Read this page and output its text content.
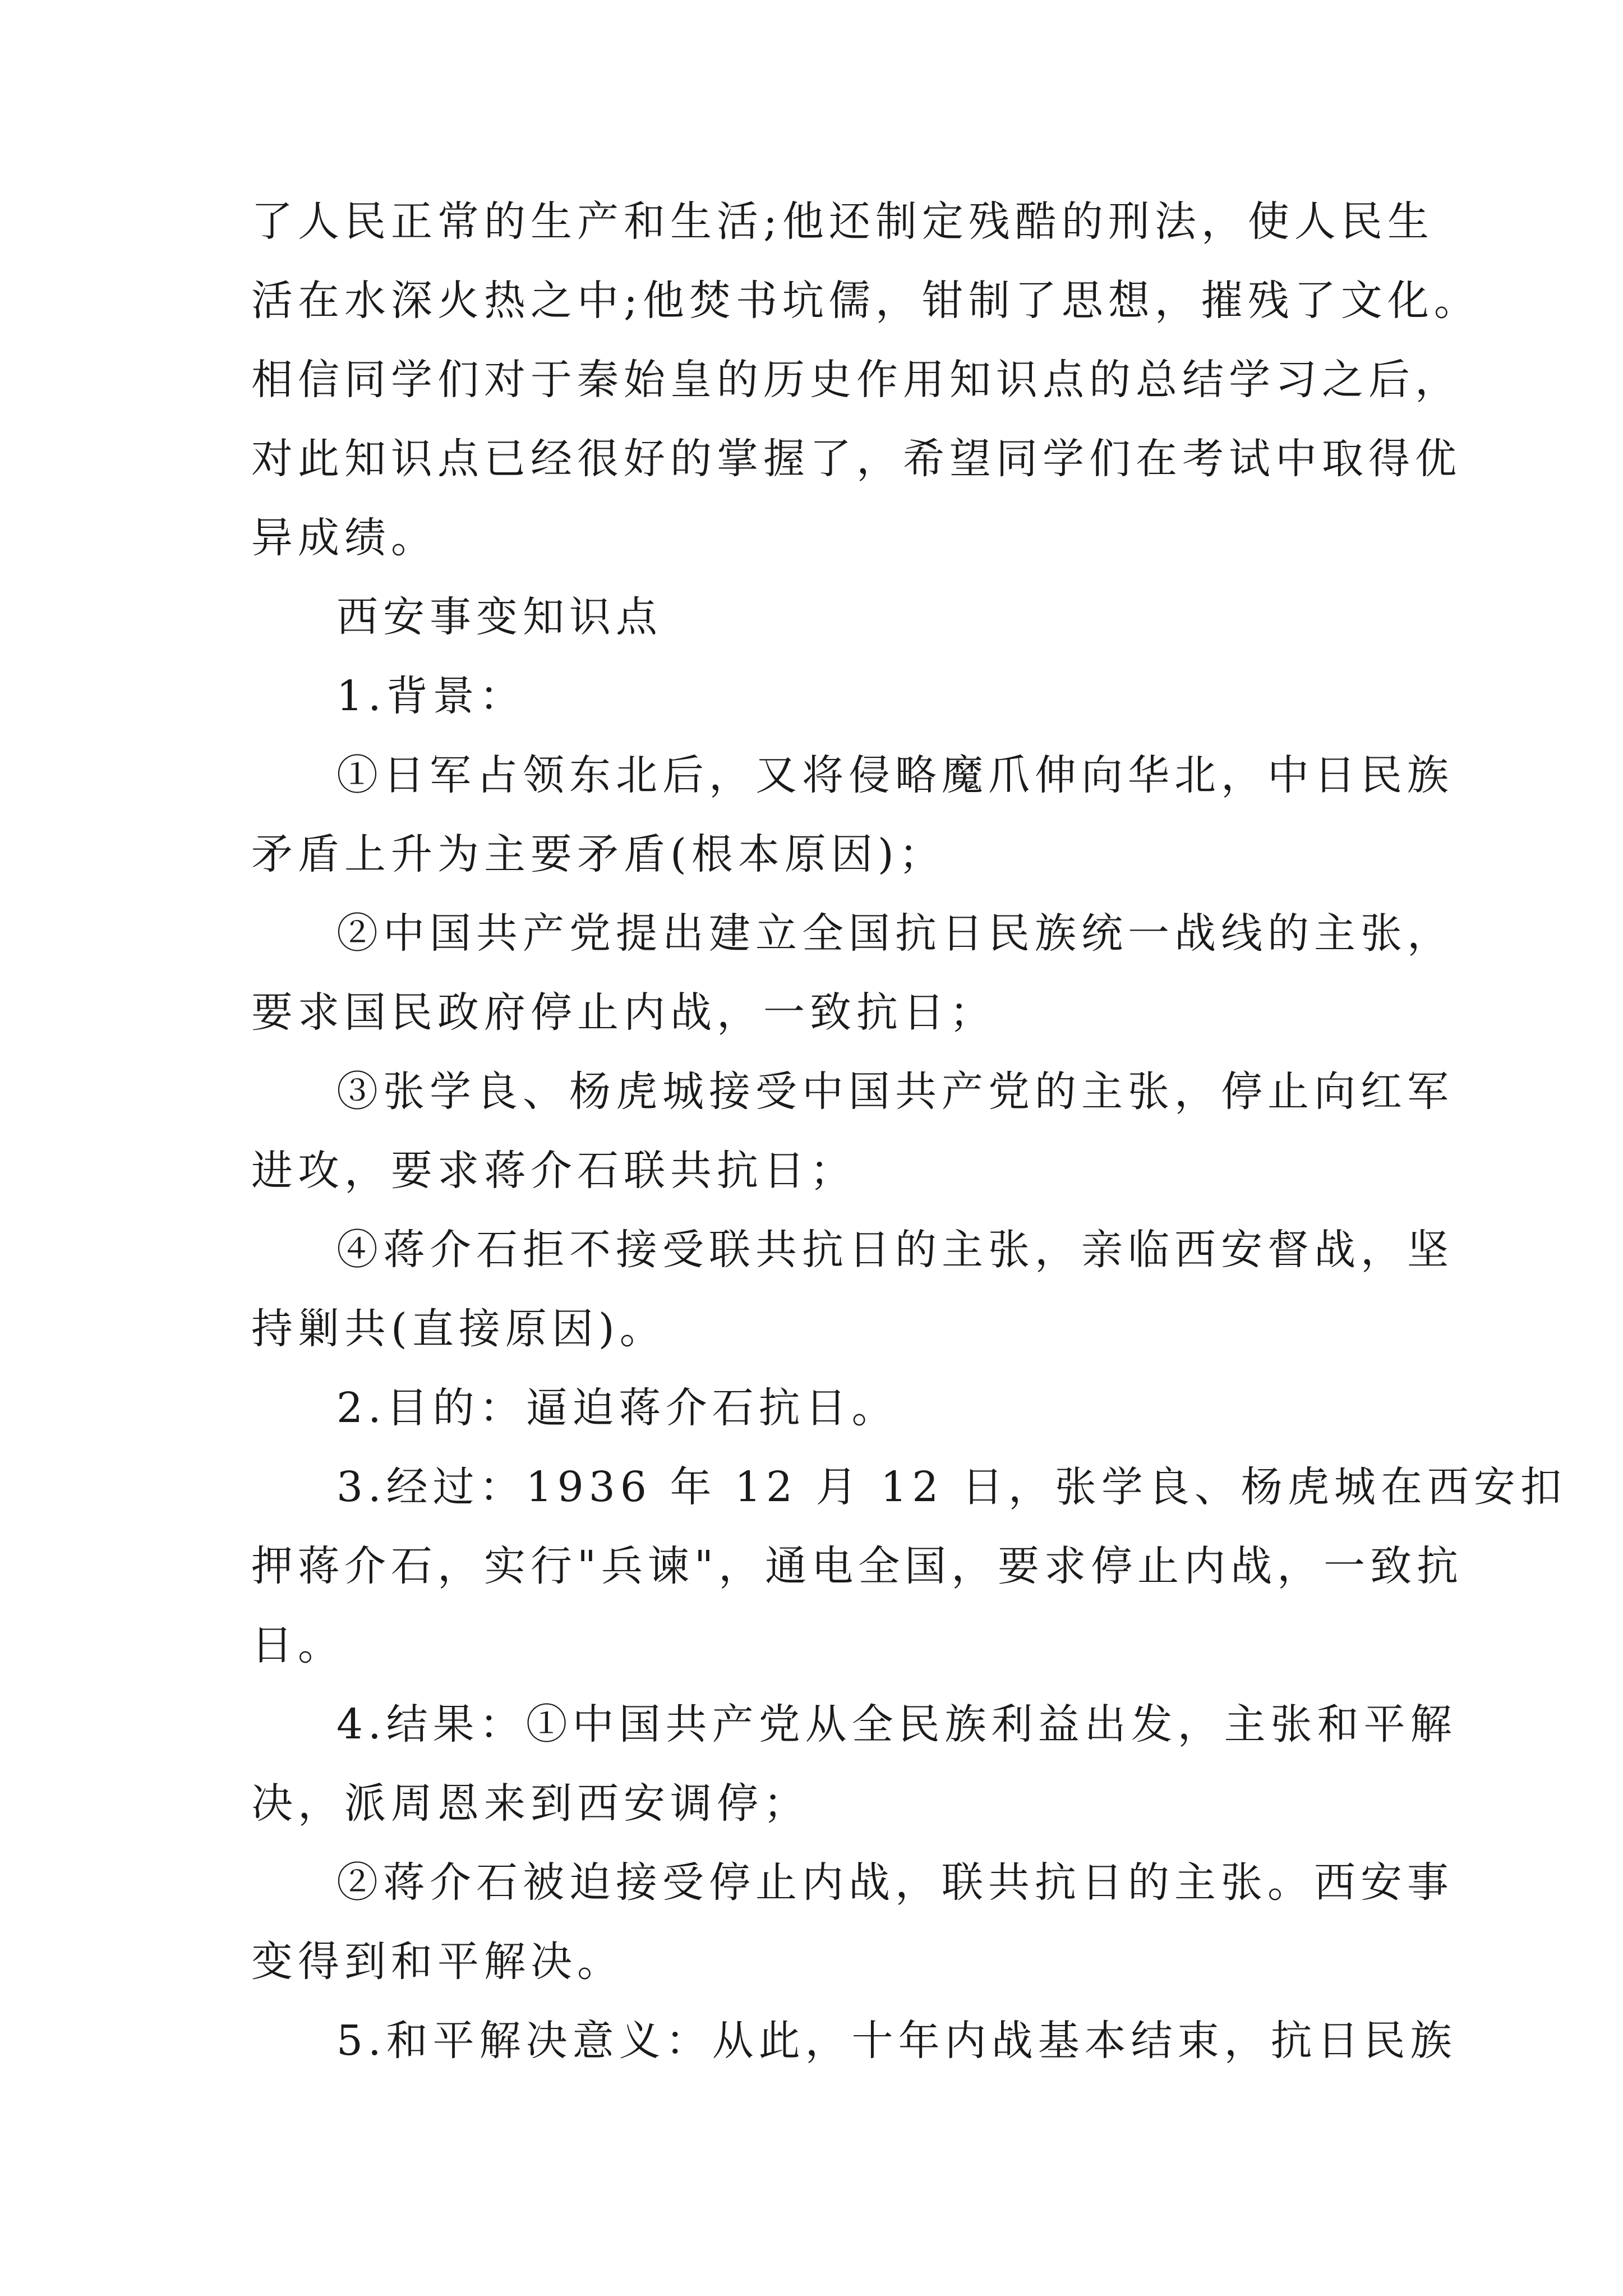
了人民正常的生产和生活;他还制定残酷的刑法，使人民生
活在水深火热之中;他焚书坑儒，钳制了思想，摧残了文化。
相信同学们对于秦始皇的历史作用知识点的总结学习之后，
对此知识点已经很好的掌握了，希望同学们在考试中取得优
异成绩。
西安事变知识点
1.背景：
①日军占领东北后，又将侵略魔爪伸向华北，中日民族
矛盾上升为主要矛盾(根本原因)；
②中国共产党提出建立全国抗日民族统一战线的主张，
要求国民政府停止内战，一致抗日；
③张学良、杨虎城接受中国共产党的主张，停止向红军
进攻，要求蒋介石联共抗日；
④蒋介石拒不接受联共抗日的主张，亲临西安督战，坚
持剿共(直接原因)。
2.目的：逼迫蒋介石抗日。
3.经过：1936 年 12 月 12 日，张学良、杨虎城在西安扣
押蒋介石，实行"兵谏"，通电全国，要求停止内战，一致抗
日。
4.结果：①中国共产党从全民族利益出发，主张和平解
决，派周恩来到西安调停；
②蒋介石被迫接受停止内战，联共抗日的主张。西安事
变得到和平解决。
5.和平解决意义：从此，十年内战基本结束，抗日民族
